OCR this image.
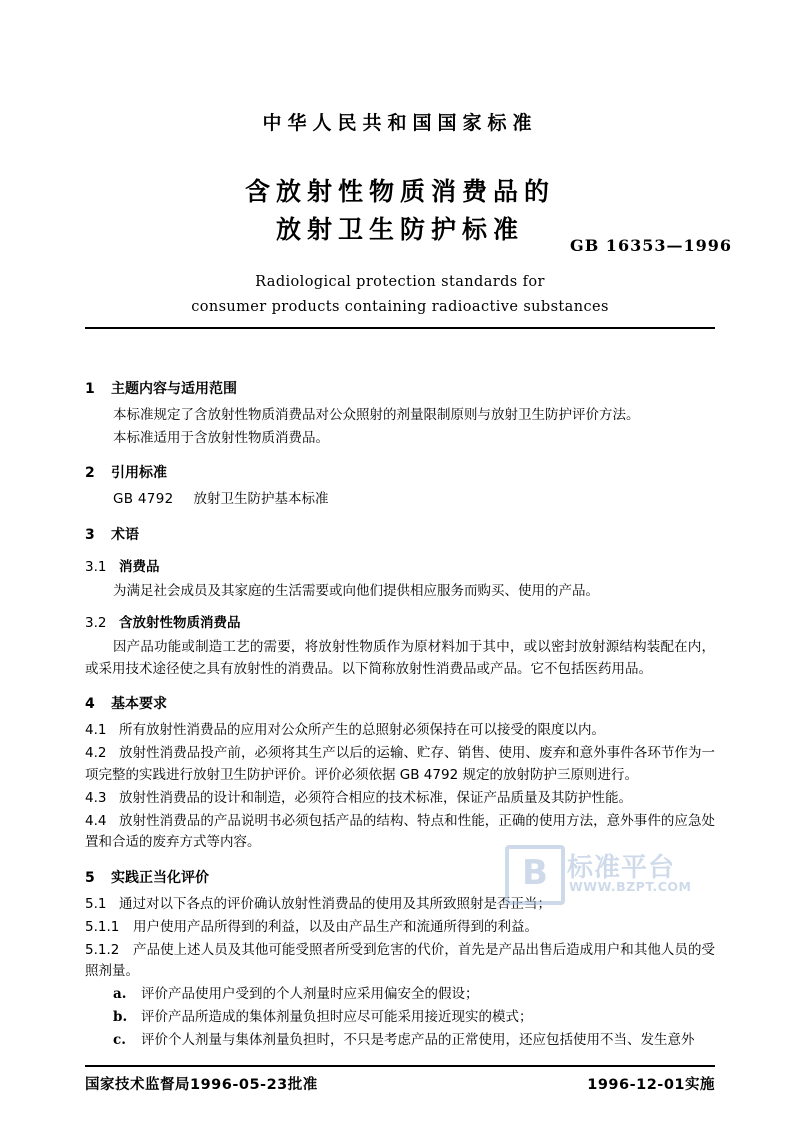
中华人民共和国国家标准
含放射性物质消费品的
放射卫生防护标准
GB 16353—1996
Radiological protection standards for
consumer products containing radioactive substances
1 主题内容与适用范围

本标准规定了含放射性物质消费品对公众照射的剂量限制原则与放射卫生防护评价方法。

本标准适用于含放射性物质消费品。

2 引用标准

GB 4792 放射卫生防护基本标准

3 术语
3.1 消费品

为满足社会成员及其家庭的生活需要或向他们提供相应服务而购买、使用的产品。

3.2 含放射性物质消费品

因产品功能或制造工艺的需要，将放射性物质作为原材料加于其中，或以密封放射源结构装配在内，或采用技术途径使之具有放射性的消费品。以下简称放射性消费品或产品。它不包括医药用品。

4 基本要求

4.1 所有放射性消费品的应用对公众所产生的总照射必须保持在可以接受的限度以内。

4.2 放射性消费品投产前，必须将其生产以后的运输、贮存、销售、使用、废弃和意外事件各环节作为一项完整的实践进行放射卫生防护评价。评价必须依据 GB 4792 规定的放射防护三原则进行。

4.3 放射性消费品的设计和制造，必须符合相应的技术标准，保证产品质量及其防护性能。

4.4 放射性消费品的产品说明书必须包括产品的结构、特点和性能，正确的使用方法，意外事件的应急处置和合适的废弃方式等内容。

5 实践正当化评价

5.1 通过对以下各点的评价确认放射性消费品的使用及其所致照射是否正当；

5.1.1 用户使用产品所得到的利益，以及由产品生产和流通所得到的利益。

5.1.2 产品使上述人员及其他可能受照者所受到危害的代价，首先是产品出售后造成用户和其他人员的受照剂量。

a. 评价产品使用户受到的个人剂量时应采用偏安全的假设；

b. 评价产品所造成的集体剂量负担时应尽可能采用接近现实的模式；

c. 评价个人剂量与集体剂量负担时，不只是考虑产品的正常使用，还应包括使用不当、发生意外

B 标准平台
WWW.BZPT.COM
国家技术监督局1996-05-23批准	1996-12-01实施
